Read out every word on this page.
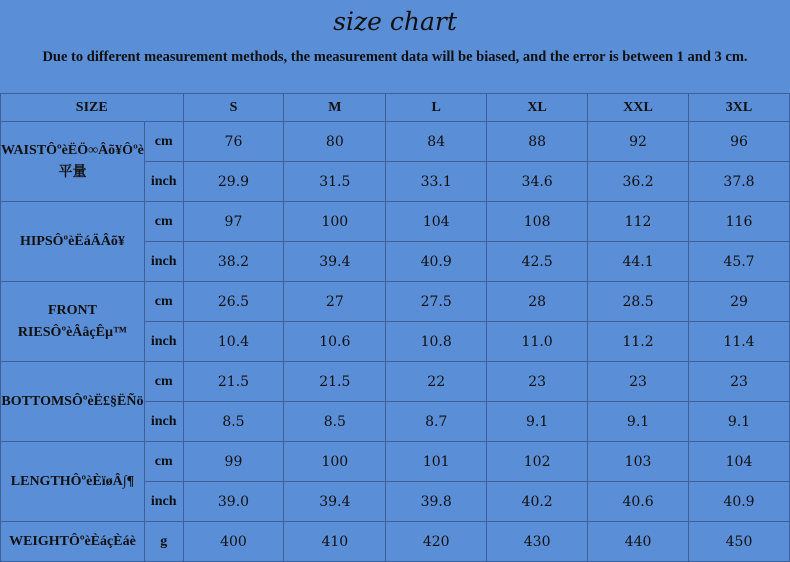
size chart
Due to different measurement methods, the measurement data will be biased, and the error is between 1 and 3 cm.
SIZE		S	M	L	XL	XXL	3XL
WAISTÔºèËÖ∞Âõ¥Ôºè平量	cm	76	80	84	88	92	96
	inch	29.9	31.5	33.1	34.6	36.2	37.8
HIPSÔºèËáÄÂõ¥	cm	97	100	104	108	112	116
	inch	38.2	39.4	40.9	42.5	44.1	45.7
FRONT RIESÔºèÂâçÊµ™	cm	26.5	27	27.5	28	28.5	29
	inch	10.4	10.6	10.8	11.0	11.2	11.4
BOTTOMSÔºèË£§ËÑö	cm	21.5	21.5	22	23	23	23
	inch	8.5	8.5	8.7	9.1	9.1	9.1
LENGTHÔºèÈïøÂ∫¶	cm	99	100	101	102	103	104
	inch	39.0	39.4	39.8	40.2	40.6	40.9
WEIGHTÔºèÈáçÈáè	g	400	410	420	430	440	450
